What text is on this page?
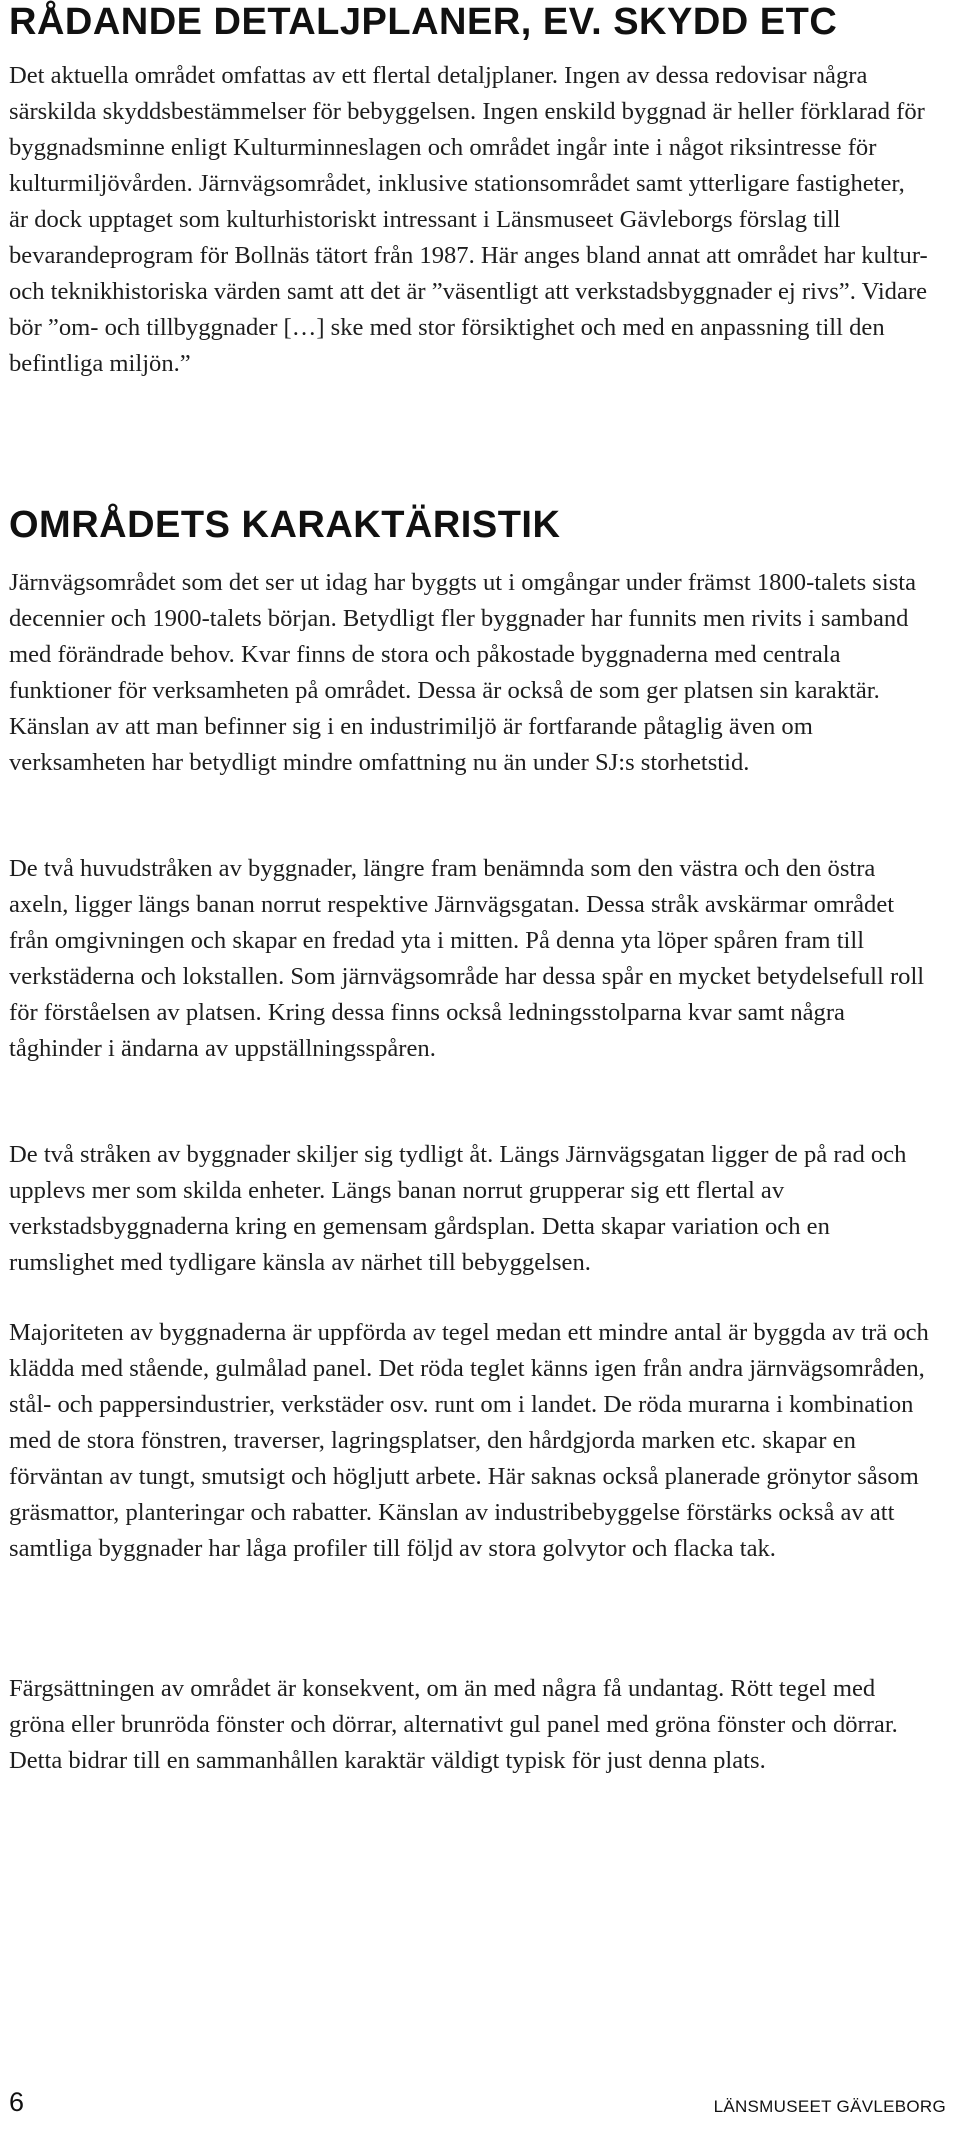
RÅDANDE DETALJPLANER, EV. SKYDD ETC

Det aktuella området omfattas av ett flertal detaljplaner. Ingen av dessa redovisar några särskilda skyddsbestämmelser för bebyggelsen. Ingen enskild byggnad är heller förklarad för byggnadsminne enligt Kulturminneslagen och området ingår inte i något riksintresse för kulturmiljövården. Järnvägsområdet, inklusive stationsområdet samt ytterligare fastigheter, är dock upptaget som kulturhistoriskt intressant i Länsmuseet Gävleborgs förslag till bevarandeprogram för Bollnäs tätort från 1987. Här anges bland annat att området har kultur- och teknikhistoriska värden samt att det är ”väsentligt att verkstadsbyggnader ej rivs”. Vidare bör ”om- och tillbyggnader […] ske med stor försiktighet och med en anpassning till den befintliga miljön.”

OMRÅDETS KARAKTÄRISTIK

Järnvägsområdet som det ser ut idag har byggts ut i omgångar under främst 1800-talets sista decennier och 1900-talets början. Betydligt fler byggnader har funnits men rivits i samband med förändrade behov. Kvar finns de stora och påkostade byggnaderna med centrala funktioner för verksamheten på området. Dessa är också de som ger platsen sin karaktär. Känslan av att man befinner sig i en industrimiljö är fortfarande påtaglig även om verksamheten har betydligt mindre omfattning nu än under SJ:s storhetstid.

De två huvudstråken av byggnader, längre fram benämnda som den västra och den östra axeln, ligger längs banan norrut respektive Järnvägsgatan. Dessa stråk avskärmar området från omgivningen och skapar en fredad yta i mitten. På denna yta löper spåren fram till verkstäderna och lokstallen. Som järnvägsområde har dessa spår en mycket betydelsefull roll för förståelsen av platsen. Kring dessa finns också ledningsstolparna kvar samt några tåghinder i ändarna av uppställningsspåren.

De två stråken av byggnader skiljer sig tydligt åt. Längs Järnvägsgatan ligger de på rad och upplevs mer som skilda enheter. Längs banan norrut grupperar sig ett flertal av verkstadsbyggnaderna kring en gemensam gårdsplan. Detta skapar variation och en rumslighet med tydligare känsla av närhet till bebyggelsen.

Majoriteten av byggnaderna är uppförda av tegel medan ett mindre antal är byggda av trä och klädda med stående, gulmålad panel. Det röda teglet känns igen från andra järnvägsområden, stål- och pappersindustrier, verkstäder osv. runt om i landet. De röda murarna i kombination med de stora fönstren, traverser, lagringsplatser, den hårdgjorda marken etc. skapar en förväntan av tungt, smutsigt och högljutt arbete. Här saknas också planerade grönytor såsom gräsmattor, planteringar och rabatter. Känslan av industribebyggelse förstärks också av att samtliga byggnader har låga profiler till följd av stora golvytor och flacka tak.

Färgsättningen av området är konsekvent, om än med några få undantag. Rött tegel med gröna eller brunröda fönster och dörrar, alternativt gul panel med gröna fönster och dörrar. Detta bidrar till en sammanhållen karaktär väldigt typisk för just denna plats.

6	LÄNSMUSEET GÄVLEBORG
